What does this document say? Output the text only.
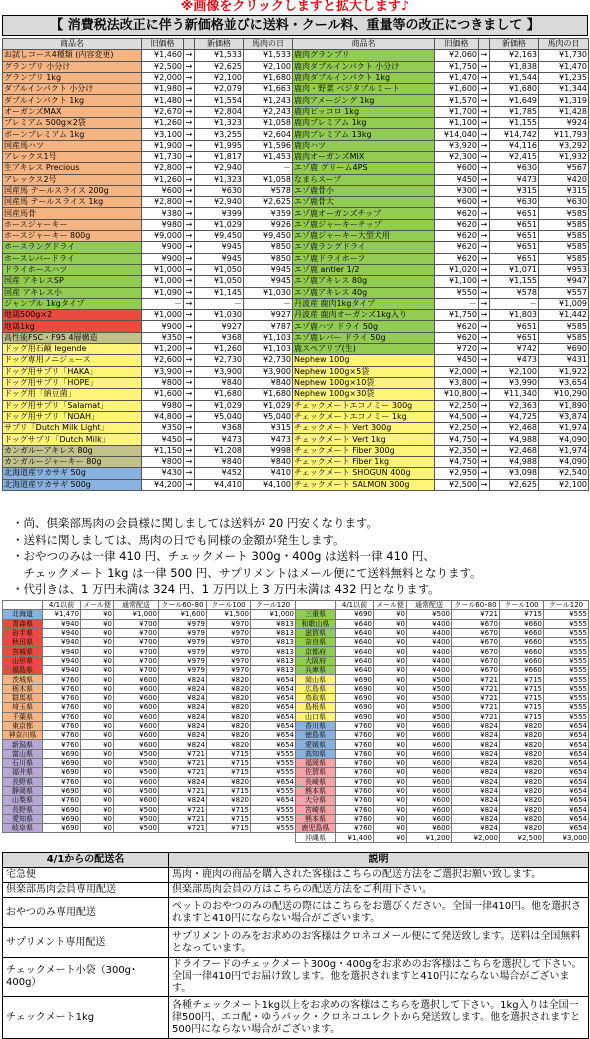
※画像をクリックしますと拡大します♪
【 消費税法改正に伴う新価格並びに送料・クール料、重量等の改正につきまして 】
商品名	旧価格		新価格	馬肉の日
お試しコース4種類 (内容変更)	¥1,460	→	¥1,533	¥1,533
グランプリ 小分け	¥2,500	→	¥2,625	¥2,100
グランプリ 1kg	¥2,000	→	¥2,100	¥1,680
ダブルインパクト 小分け	¥1,980	→	¥2,079	¥1,663
ダブルインパクト 1kg	¥1,480	→	¥1,554	¥1,243
オーガンズMAX	¥2,670	→	¥2,804	¥2,243
プレミアム 500g×2袋	¥1,260	→	¥1,323	¥1,058
ボーンプレミアム 1kg	¥3,100	→	¥3,255	¥2,604
国産馬ハツ	¥1,900	→	¥1,995	¥1,596
アレックス1号	¥1,730	→	¥1,817	¥1,453
生アキレス Precious	¥2,800	→	¥2,940	－
アレックス2号	¥1,260	→	¥1,323	¥1,058
国産馬 テールスライス 200g	¥600	→	¥630	¥578
国産馬 テールスライス 1kg	¥2,800	→	¥2,940	¥2,625
国産馬骨	¥380	→	¥399	¥359
ホースジャーキー	¥980	→	¥1,029	¥926
ホースジャーキー 800g	¥9,000	→	¥9,450	¥9,450
ホースラングドライ	¥900	→	¥945	¥850
ホースレバードライ	¥900	→	¥945	¥850
ドライホースハツ	¥1,000	→	¥1,050	¥945
国産 アキレスSP	¥1,000	→	¥1,050	¥945
国産 アキレス小	¥1,090	→	¥1,145	¥1,030
ジャンブル 1kgタイプ	－	→	－	－
地鶏500g×2	¥1,000	→	¥1,030	¥927
地鶏1kg	¥900	→	¥927	¥787
高性能FSC・F95 4層構造	¥350	→	¥368	¥1,103
ドッグ用石鹸 legende	¥1,200	→	¥1,260	¥1,103
ドッグ専用ノニジュース	¥2,600	→	¥2,730	¥2,730
ドッグ用サプリ「HAKA」	¥3,900	→	¥3,900	¥3,900
ドッグ用サプリ「HOPE」	¥800	→	¥840	¥840
ドッグ用「納豆菌」	¥1,600	→	¥1,680	¥1,680
ドッグ用サプリ「Salamat」	¥980	→	¥1,029	¥1,029
ドッグ用サプリ「NOAH」	¥4,800	→	¥5,040	¥5,040
サプリ「Dutch Milk Light」	¥350	→	¥368	¥315
ドッグサプリ「Dutch Milk」	¥450	→	¥473	¥473
カンガルーアキレス 80g	¥1,150	→	¥1,208	¥998
カンガルージャーキー 80g	¥800	→	¥840	¥840
北海道産ワカサギ 50g	¥430	→	¥452	¥410
北海道産ワカサギ 500g	¥4,200	→	¥4,410	¥4,100
商品名	旧価格		新価格	馬肉の日
鹿肉グランプリ	¥2,060	→	¥2,163	¥1,730
鹿肉ダブルインパクト 小分け	¥1,750	→	¥1,838	¥1,470
鹿肉ダブルインパクト 1kg	¥1,470	→	¥1,544	¥1,235
鹿肉・野菜 ベジタブルミート	¥1,600	→	¥1,680	¥1,344
鹿肉アメージング 1kg	¥1,570	→	¥1,649	¥1,319
鹿肉ピッコロ 1kg	¥1,700	→	¥1,785	¥1,428
鹿肉プレミアム 1kg	¥1,100	→	¥1,155	¥924
鹿肉プレミアム 13kg	¥14,040	→	¥14,742	¥11,793
鹿肉ハツ	¥3,920	→	¥4,116	¥3,292
鹿肉オーガンズMIX	¥2,300	→	¥2,415	¥1,932
エゾ鹿 グリーム4PS	¥600	→	¥630	¥567
なまらスープ	¥450	→	¥473	¥420
エゾ鹿骨小	¥300	→	¥315	¥315
エゾ鹿骨大	¥600	→	¥630	¥630
エゾ鹿オーガンズチップ	¥620	→	¥651	¥585
エゾ鹿ジャーキーチップ	¥620	→	¥651	¥585
エゾ鹿ジャーキー大型犬用	¥620	→	¥651	¥585
エゾ鹿ラングドライ	¥620	→	¥651	¥585
エゾ鹿ドライホーフ	¥620	→	¥651	¥585
エゾ鹿 antler 1/2	¥1,020	→	¥1,071	¥953
エゾ鹿アキレス 80g	¥1,100	→	¥1,155	¥947
エゾ鹿アキレス 40g	¥550	→	¥578	¥557
丹波産 鹿肉1kgタイプ	－	→	－	¥1,009
丹波産 鹿肉オーガンズ1kg入り	¥1,750	→	¥1,803	¥1,442
エゾ鹿ハツ ドライ 50g	¥620	→	¥651	¥585
エゾ鹿レバー ドライ 50g	¥620	→	¥651	¥585
鹿スペアリブ(生)	¥720	→	¥742	¥690
Nephew 100g	¥450	→	¥473	¥431
Nephew 100g×5袋	¥2,000	→	¥2,100	¥1,922
Nephew 100g×10袋	¥3,800	→	¥3,990	¥3,654
Nephew 100g×30袋	¥10,800	→	¥11,340	¥10,290
チェックメートエコノミー 300g	¥2,250	→	¥2,363	¥1,890
チェックメートエコノミー 1kg	¥4,500	→	¥4,725	¥3,874
チェックメート Vert 300g	¥2,250	→	¥2,468	¥1,974
チェックメート Vert 1kg	¥4,750	→	¥4,988	¥4,090
チェックメート Fiber 300g	¥2,350	→	¥2,468	¥1,974
チェックメート Fiber 1kg	¥4,750	→	¥4,988	¥4,090
チェックメート SHOGUN 400g	¥2,950	→	¥3,098	¥2,540
チェックメート SALMON 300g	¥2,500	→	¥2,625	¥2,100
・尚、倶楽部馬肉の会員様に関しましては送料が 20 円安くなります。
・送料に関しましては、馬肉の日でも同様の金額が発生します。
・おやつのみは一律 410 円、チェックメート 300g・400g は送料一律 410 円、
　チェックメート 1kg は一律 500 円、サプリメントはメール便にて送料無料となります。
・代引きは、1 万円未満は 324 円、1 万円以上 3 万円未満は 432 円となります。
	4/1以前	メール便	通常配送	クール60･80	クール100	クール120
北海道	¥1,470	¥0	¥1,000	¥1,600	¥1,500	¥1,000
青森県	¥940	¥0	¥700	¥979	¥970	¥813
岩手県	¥940	¥0	¥700	¥979	¥970	¥813
秋田県	¥940	¥0	¥700	¥979	¥970	¥813
宮城県	¥940	¥0	¥700	¥979	¥970	¥813
山形県	¥940	¥0	¥700	¥979	¥970	¥813
福島県	¥940	¥0	¥700	¥979	¥970	¥813
茨城県	¥760	¥0	¥600	¥824	¥820	¥654
栃木県	¥760	¥0	¥600	¥824	¥820	¥654
群馬県	¥760	¥0	¥600	¥824	¥820	¥654
埼玉県	¥760	¥0	¥600	¥824	¥820	¥654
千葉県	¥760	¥0	¥600	¥824	¥820	¥654
東京都	¥760	¥0	¥600	¥824	¥820	¥654
神奈川県	¥760	¥0	¥600	¥824	¥820	¥654
新潟県	¥760	¥0	¥600	¥824	¥820	¥654
富山県	¥690	¥0	¥500	¥721	¥715	¥555
石川県	¥690	¥0	¥500	¥721	¥715	¥555
福井県	¥690	¥0	¥500	¥721	¥715	¥555
長野県	¥760	¥0	¥600	¥824	¥820	¥654
静岡県	¥690	¥0	¥500	¥721	¥715	¥555
山梨県	¥760	¥0	¥600	¥824	¥820	¥654
長野県	¥690	¥0	¥500	¥721	¥715	¥555
愛知県	¥690	¥0	¥500	¥721	¥715	¥555
岐阜県	¥690	¥0	¥500	¥721	¥715	¥555
	4/1以前	メール便	通常配送	クール60･80	クール100	クール120
三重県	¥690	¥0	¥500	¥721	¥715	¥555
和歌山県	¥640	¥0	¥400	¥670	¥660	¥555
滋賀県	¥640	¥0	¥400	¥670	¥660	¥555
奈良県	¥640	¥0	¥400	¥670	¥660	¥555
京都府	¥640	¥0	¥400	¥670	¥660	¥555
大阪府	¥640	¥0	¥400	¥670	¥660	¥555
兵庫県	¥640	¥0	¥400	¥670	¥660	¥555
岡山県	¥690	¥0	¥500	¥721	¥715	¥555
広島県	¥690	¥0	¥500	¥721	¥715	¥555
鳥取県	¥690	¥0	¥500	¥721	¥715	¥555
島根県	¥690	¥0	¥500	¥721	¥715	¥555
山口県	¥690	¥0	¥500	¥721	¥715	¥555
香川県	¥760	¥0	¥600	¥824	¥820	¥654
徳島県	¥760	¥0	¥600	¥824	¥820	¥654
愛媛県	¥760	¥0	¥600	¥824	¥820	¥654
高知県	¥760	¥0	¥600	¥824	¥820	¥654
福岡県	¥760	¥0	¥600	¥824	¥820	¥654
佐賀県	¥760	¥0	¥600	¥824	¥820	¥654
長崎県	¥760	¥0	¥600	¥824	¥820	¥654
熊本県	¥760	¥0	¥600	¥824	¥820	¥654
大分県	¥760	¥0	¥600	¥824	¥820	¥654
宮崎県	¥760	¥0	¥600	¥824	¥820	¥654
熊本県	¥760	¥0	¥600	¥824	¥820	¥654
鹿児島県	¥760	¥0	¥600	¥824	¥820	¥654
沖縄県	¥1,400	¥0	¥1,200	¥2,000	¥2,500	¥3,000
4/1からの配送名	説明
宅急便	馬肉・鹿肉の商品を購入された客様はこちらの配送方法をご選択お願い致します。
倶楽部馬肉会員専用配送	倶楽部馬肉会員の方はこちらの配送方法をご利用下さい。
おやつのみ専用配送	ペットのおやつのみの配送の際にはこちらをお選びください。全国一律410円。他を選択されますと410円にならない場合がございます。
サプリメント専用配送	サプリメントのみをお求めのお客様はクロネコメール便にて発送致します。送料は全国無料となっています。
チェックメート小袋（300g･400g）	ドライフードのチェックメート300g・400gをお求めのお客様はこちらを選択して下さい。全国一律410円でお届け致します。他を選択されますと410円にならない場合がございます。
チェックメート1kg	各種チェックメート1kg以上をお求めの客様はこちらを選択して下さい。1kg入りは全国一律500円、エコ配・ゆうパック・クロネコユレクトから発送致します。他を選択されますと500円にならない場合がございます。
